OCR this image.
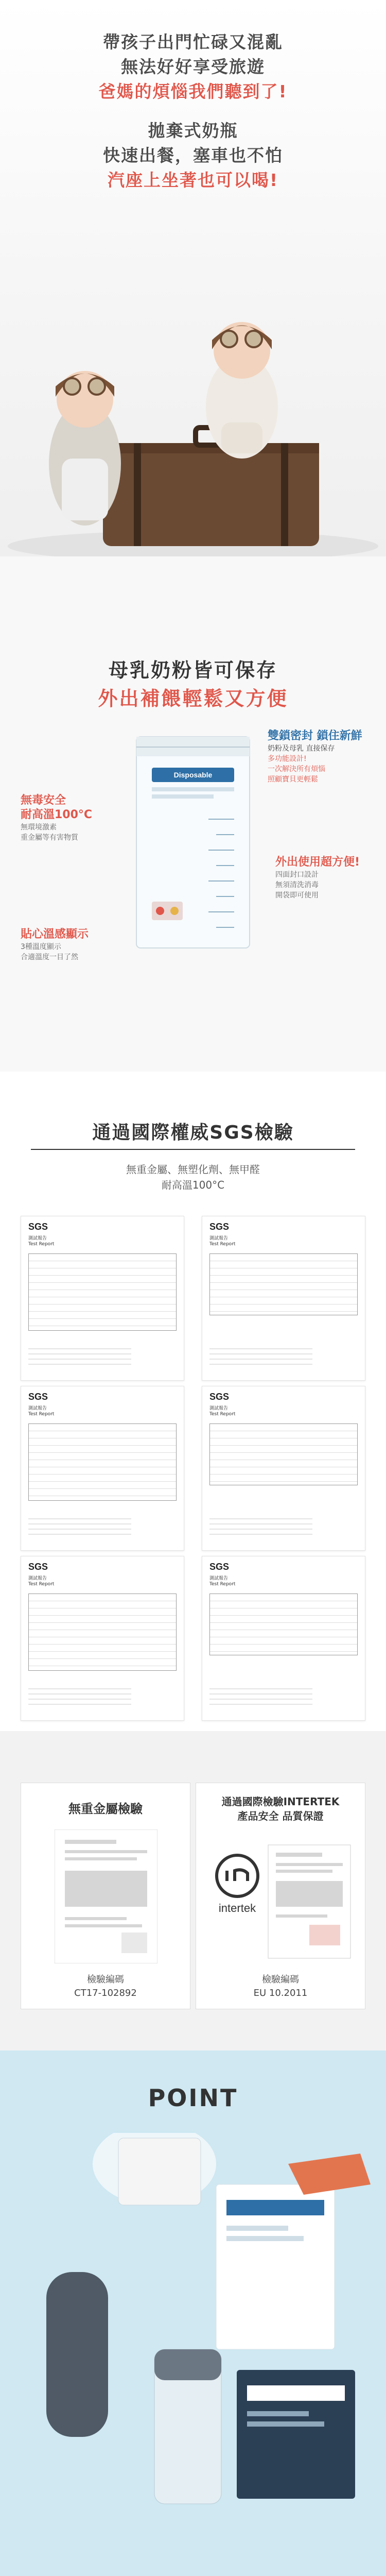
帶孩子出門忙碌又混亂
無法好好享受旅遊
爸媽的煩惱我們聽到了!
拋棄式奶瓶
快速出餐，塞車也不怕
汽座上坐著也可以喝!
母乳奶粉皆可保存
外出補餵輕鬆又方便
Disposable
雙鎖密封 鎖住新鮮
奶粉及母乳 直接保存
多功能設計!
一次解決所有煩惱
照顧寶貝更輕鬆
無毒安全
耐高溫100°C
無環境激素
重金屬等有害物質
外出使用超方便!
四面封口設計
無須清洗消毒
開袋即可使用
貼心溫感顯示
3種溫度顯示
合適溫度一目了然
通過國際權威SGS檢驗
無重金屬、無塑化劑、無甲醛
耐高溫100°C
SGS
測試報告
Test Report
SGS
測試報告
Test Report
SGS
測試報告
Test Report
SGS
測試報告
Test Report
SGS
測試報告
Test Report
SGS
測試報告
Test Report
無重金屬檢驗
檢驗編碼
CT17-102892
通過國際檢驗INTERTEK
產品安全 品質保證
intertek
檢驗編碼
EU 10.2011
POINT
